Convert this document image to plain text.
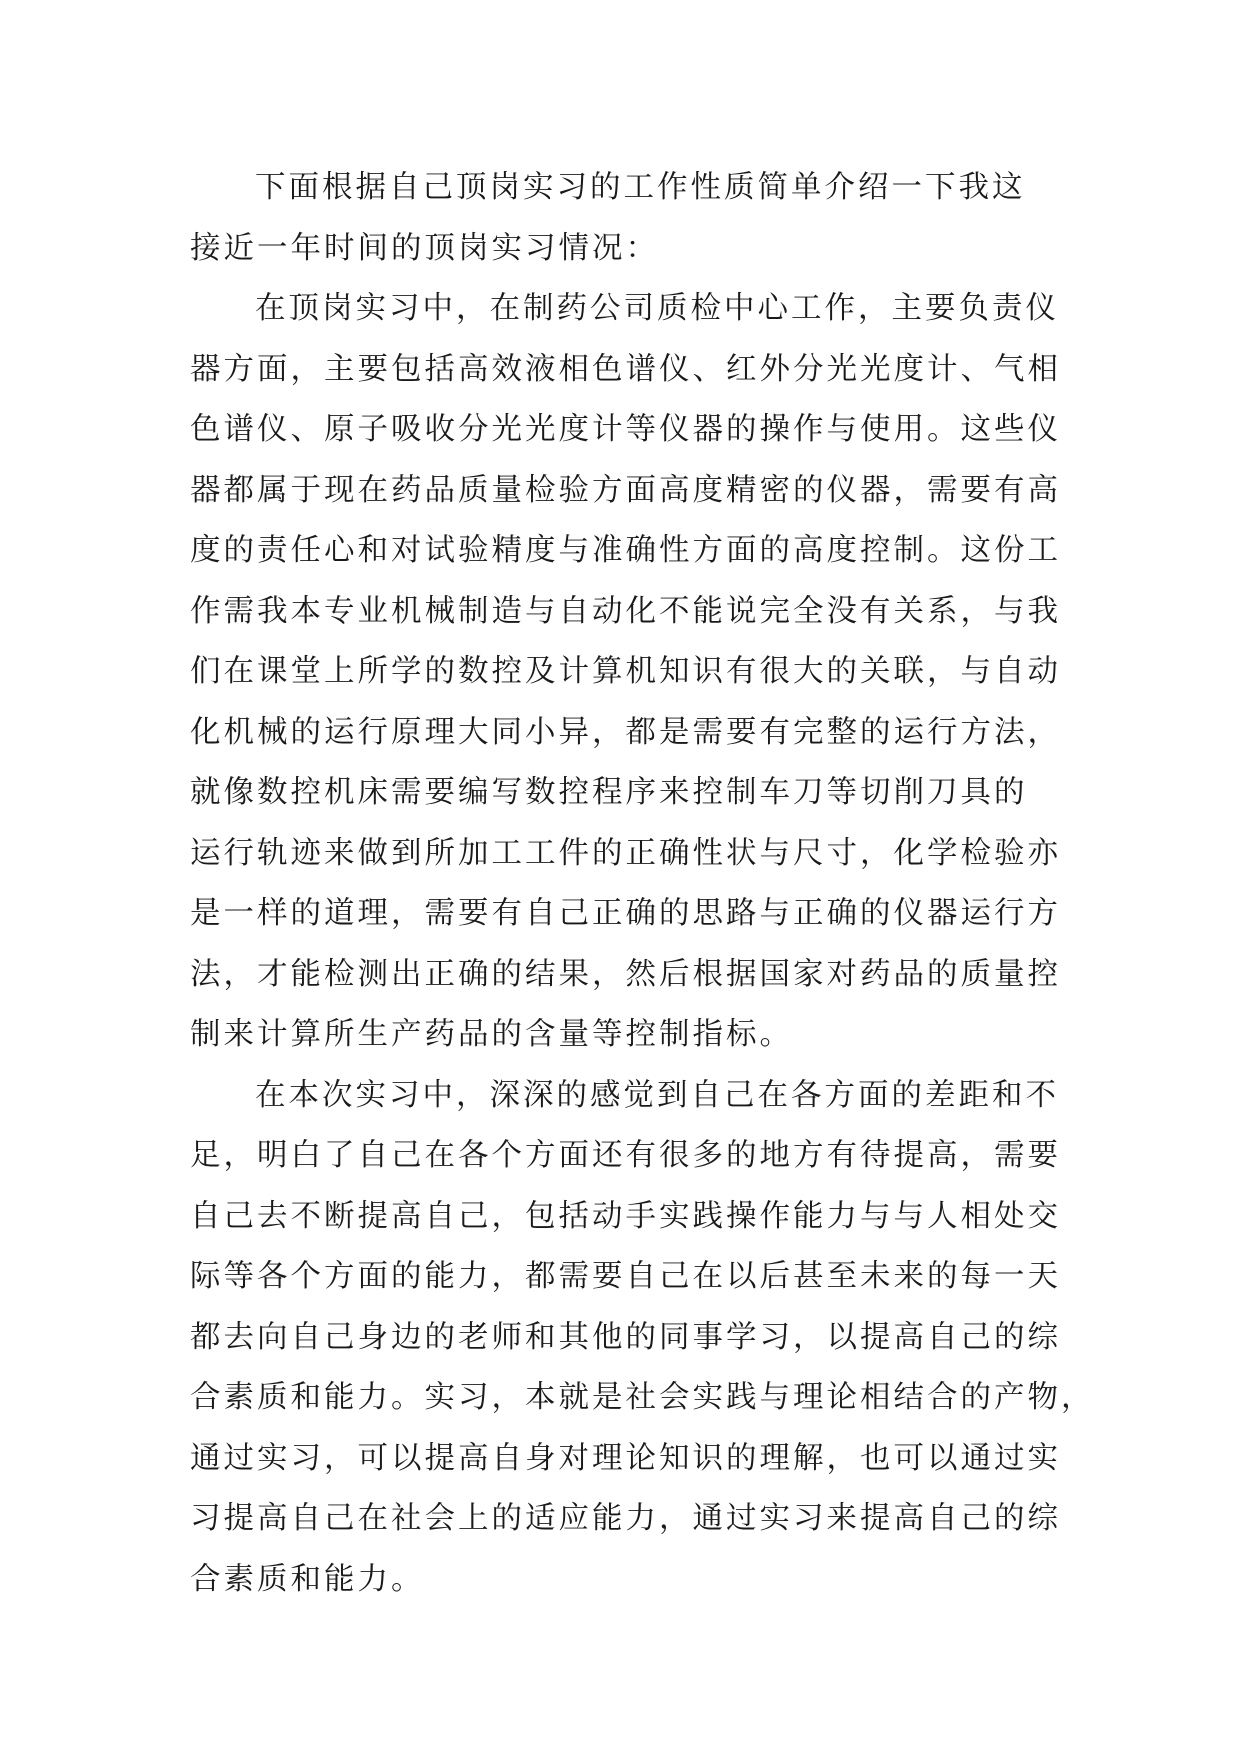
下面根据自己顶岗实习的工作性质简单介绍一下我这
接近一年时间的顶岗实习情况：
在顶岗实习中，在制药公司质检中心工作，主要负责仪
器方面，主要包括高效液相色谱仪、红外分光光度计、气相
色谱仪、原子吸收分光光度计等仪器的操作与使用。这些仪
器都属于现在药品质量检验方面高度精密的仪器，需要有高
度的责任心和对试验精度与准确性方面的高度控制。这份工
作需我本专业机械制造与自动化不能说完全没有关系，与我
们在课堂上所学的数控及计算机知识有很大的关联，与自动
化机械的运行原理大同小异，都是需要有完整的运行方法，
就像数控机床需要编写数控程序来控制车刀等切削刀具的
运行轨迹来做到所加工工件的正确性状与尺寸，化学检验亦
是一样的道理，需要有自己正确的思路与正确的仪器运行方
法，才能检测出正确的结果，然后根据国家对药品的质量控
制来计算所生产药品的含量等控制指标。
在本次实习中，深深的感觉到自己在各方面的差距和不
足，明白了自己在各个方面还有很多的地方有待提高，需要
自己去不断提高自己，包括动手实践操作能力与与人相处交
际等各个方面的能力，都需要自己在以后甚至未来的每一天
都去向自己身边的老师和其他的同事学习，以提高自己的综
合素质和能力。实习，本就是社会实践与理论相结合的产物，
通过实习，可以提高自身对理论知识的理解，也可以通过实
习提高自己在社会上的适应能力，通过实习来提高自己的综
合素质和能力。
